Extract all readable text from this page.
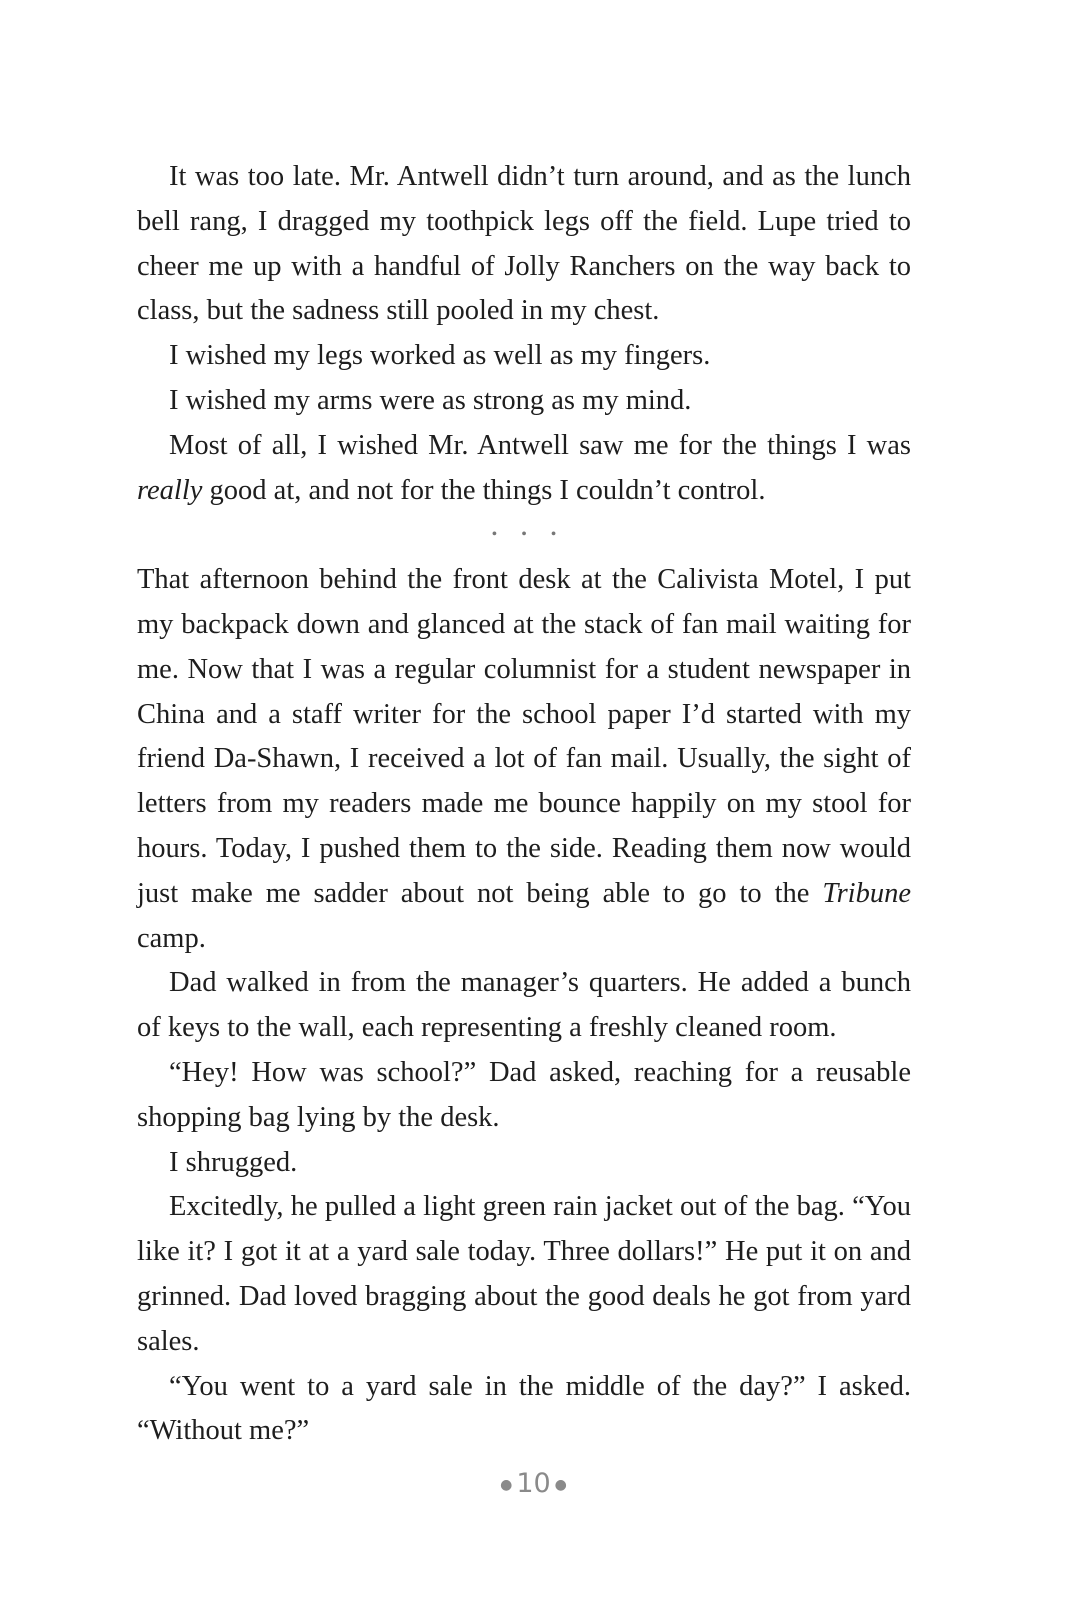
It was too late. Mr. Antwell didn’t turn around, and as the lunch bell rang, I dragged my toothpick legs off the field. Lupe tried to cheer me up with a handful of Jolly Ranchers on the way back to class, but the sadness still pooled in my chest.

I wished my legs worked as well as my fingers.

I wished my arms were as strong as my mind.

Most of all, I wished Mr. Antwell saw me for the things I was really good at, and not for the things I couldn’t control.

• • •

That afternoon behind the front desk at the Calivista Motel, I put my backpack down and glanced at the stack of fan mail waiting for me. Now that I was a regular columnist for a student newspaper in China and a staff writer for the school paper I’d started with my friend Da-Shawn, I received a lot of fan mail. Usually, the sight of letters from my readers made me bounce happily on my stool for hours. Today, I pushed them to the side. Reading them now would just make me sadder about not being able to go to the Tribune camp.

Dad walked in from the manager’s quarters. He added a bunch of keys to the wall, each representing a freshly cleaned room.

“Hey! How was school?” Dad asked, reaching for a reusable shopping bag lying by the desk.

I shrugged.

Excitedly, he pulled a light green rain jacket out of the bag. “You like it? I got it at a yard sale today. Three dollars!” He put it on and grinned. Dad loved bragging about the good deals he got from yard sales.

“You went to a yard sale in the middle of the day?” I asked.
“Without me?”

● 10 ●
